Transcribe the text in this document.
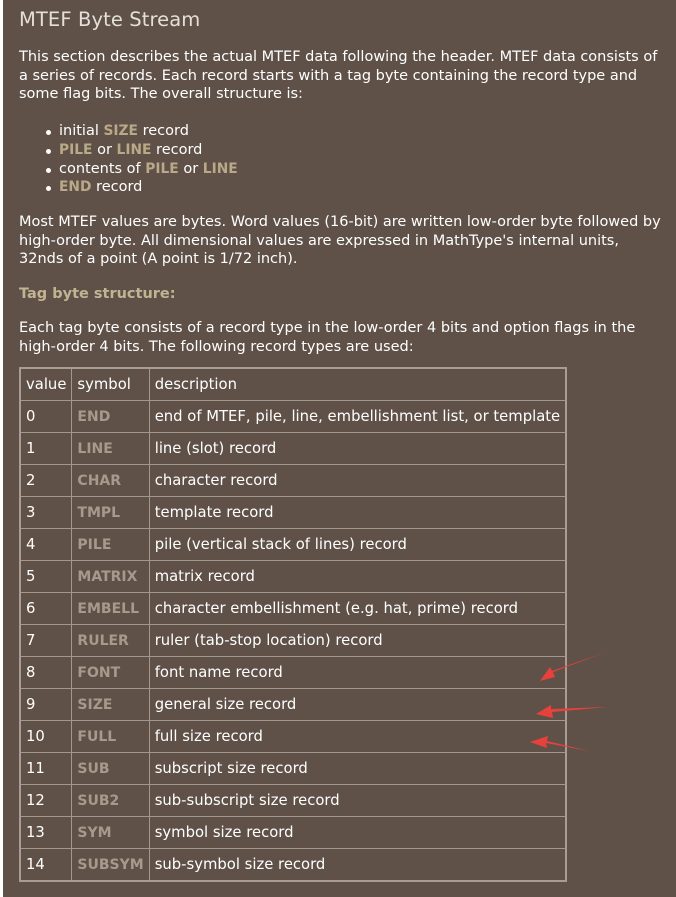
MTEF Byte Stream

This section describes the actual MTEF data following the header. MTEF data consists of a series of records. Each record starts with a tag byte containing the record type and some flag bits. The overall structure is:

initial SIZE record
PILE or LINE record
contents of PILE or LINE
END record

Most MTEF values are bytes. Word values (16-bit) are written low-order byte followed by high-order byte. All dimensional values are expressed in MathType's internal units, 32nds of a point (A point is 1/72 inch).

Tag byte structure:

Each tag byte consists of a record type in the low-order 4 bits and option flags in the high-order 4 bits. The following record types are used:

value	symbol	description
0	END	end of MTEF, pile, line, embellishment list, or template
1	LINE	line (slot) record
2	CHAR	character record
3	TMPL	template record
4	PILE	pile (vertical stack of lines) record
5	MATRIX	matrix record
6	EMBELL	character embellishment (e.g. hat, prime) record
7	RULER	ruler (tab-stop location) record
8	FONT	font name record
9	SIZE	general size record
10	FULL	full size record
11	SUB	subscript size record
12	SUB2	sub-subscript size record
13	SYM	symbol size record
14	SUBSYM	sub-symbol size record
